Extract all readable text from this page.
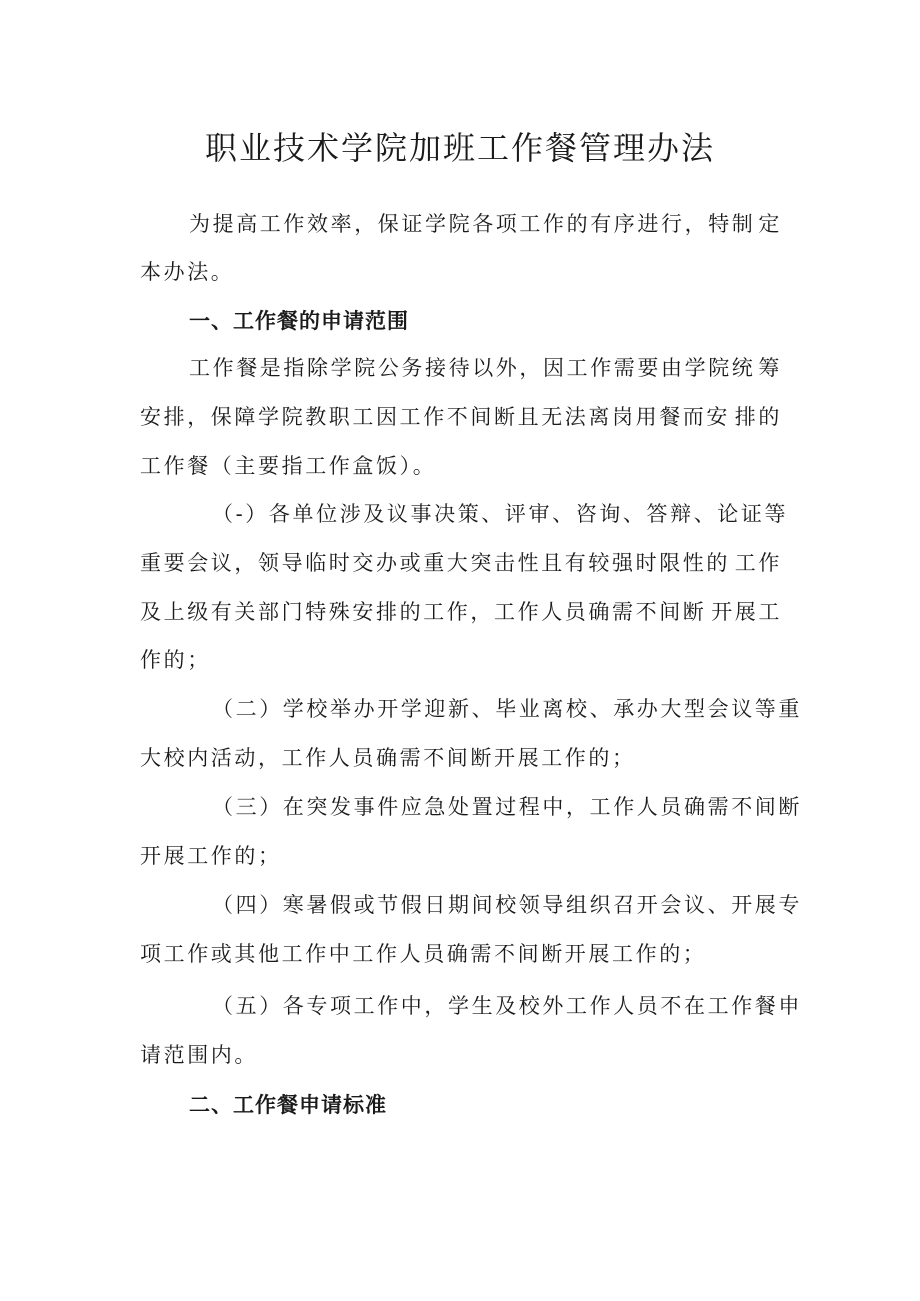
职业技术学院加班工作餐管理办法
为提高工作效率，保证学院各项工作的有序进行，特制 定
本办法。
一、工作餐的申请范围
工作餐是指除学院公务接待以外，因工作需要由学院统 筹
安排，保障学院教职工因工作不间断且无法离岗用餐而安 排的
工作餐（主要指工作盒饭）。
（-）各单位涉及议事决策、评审、咨询、答辩、论证 等
重要会议，领导临时交办或重大突击性且有较强时限性的 工作
及上级有关部门特殊安排的工作，工作人员确需不间断 开展工
作的；
（二）学校举办开学迎新、毕业离校、承办大型会议等 重
大校内活动，工作人员确需不间断开展工作的；
（三）在突发事件应急处置过程中，工作人员确需不间 断
开展工作的；
（四）寒暑假或节假日期间校领导组织召开会议、开展 专
项工作或其他工作中工作人员确需不间断开展工作的；
（五）各专项工作中，学生及校外工作人员不在工作餐 申
请范围内。
二、工作餐申请标准
